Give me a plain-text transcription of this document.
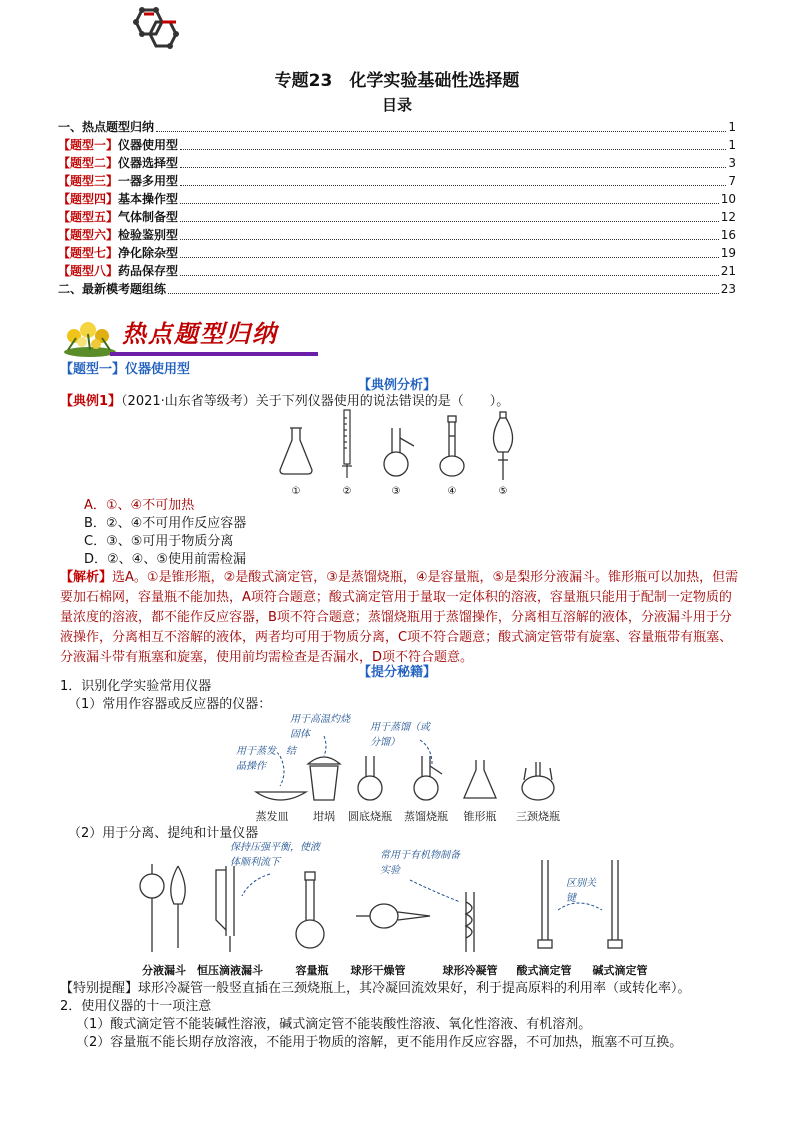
专题23　化学实验基础性选择题
目录
一、热点题型归纳	1
【题型一】仪器使用型	1
【题型二】仪器选择型	3
【题型三】一器多用型	7
【题型四】基本操作型	10
【题型五】气体制备型	12
【题型六】检验鉴别型	16
【题型七】净化除杂型	19
【题型八】药品保存型	21
二、最新模考题组练	23
热点题型归纳
【题型一】仪器使用型
【典例分析】
【典例1】（2021·山东省等级考）关于下列仪器使用的说法错误的是（　　）。
①	②	③	④	⑤
A．①、④不可加热
B．②、④不可用作反应容器
C．③、⑤可用于物质分离
D．②、④、⑤使用前需检漏
【解析】选A。①是锥形瓶，②是酸式滴定管，③是蒸馏烧瓶，④是容量瓶，⑤是梨形分液漏斗。锥形瓶可以加热，但需要加石棉网，容量瓶不能加热，A项符合题意；酸式滴定管用于量取一定体积的溶液，容量瓶只能用于配制一定物质的量浓度的溶液，都不能作反应容器，B项不符合题意；蒸馏烧瓶用于蒸馏操作，分离相互溶解的液体，分液漏斗用于分液操作，分离相互不溶解的液体，两者均可用于物质分离，C项不符合题意；酸式滴定管带有旋塞、容量瓶带有瓶塞、分液漏斗带有瓶塞和旋塞，使用前均需检查是否漏水，D项不符合题意。
【提分秘籍】
1．识别化学实验常用仪器
（1）常用作容器或反应器的仪器：
用于蒸发、结晶操作
用于高温灼烧固体
用于蒸馏（或分馏）
蒸发皿 坩埚 圆底烧瓶 蒸馏烧瓶 锥形瓶 三颈烧瓶
（2）用于分离、提纯和计量仪器
保持压强平衡，使液体顺利流下
常用于有机物制备实验
区别关键
分液漏斗 恒压滴液漏斗	容量瓶 球形干燥管	球形冷凝管 酸式滴定管 碱式滴定管
【特别提醒】球形冷凝管一般竖直插在三颈烧瓶上，其冷凝回流效果好，利于提高原料的利用率（或转化率）。
2．使用仪器的十一项注意
（1）酸式滴定管不能装碱性溶液，碱式滴定管不能装酸性溶液、氧化性溶液、有机溶剂。
（2）容量瓶不能长期存放溶液，不能用于物质的溶解，更不能用作反应容器，不可加热，瓶塞不可互换。
